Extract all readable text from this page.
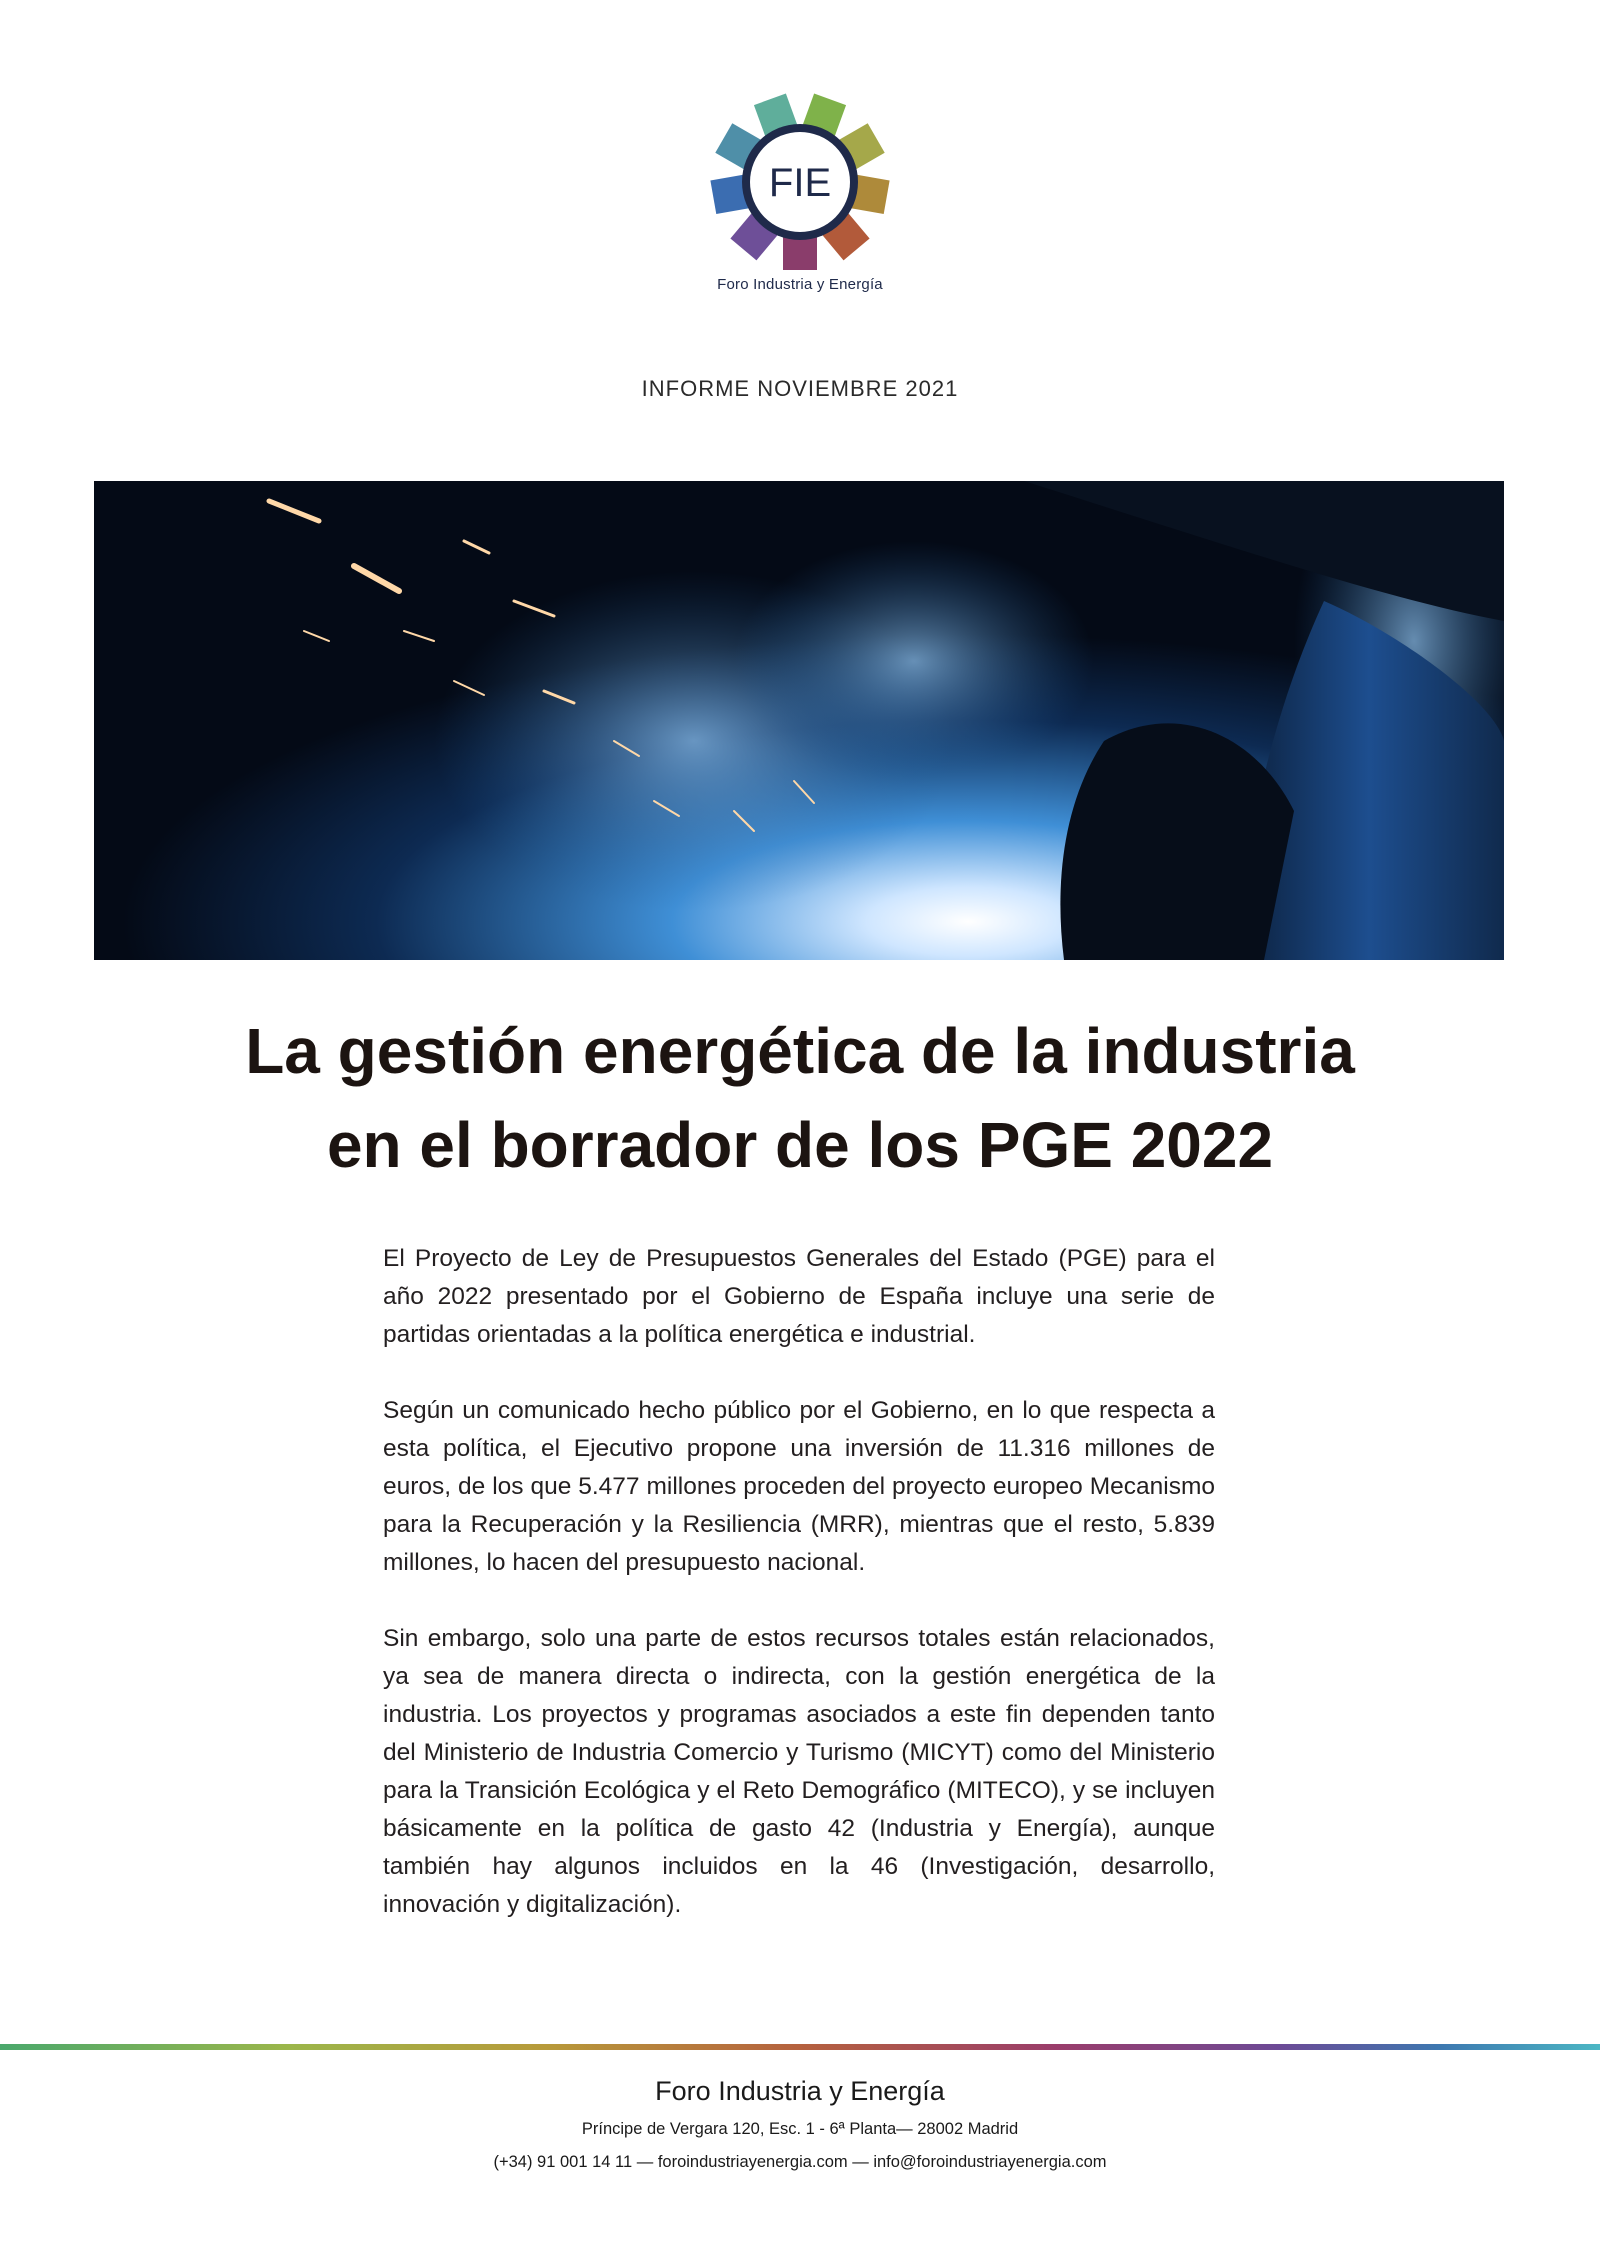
FIE
Foro Industria y Energía
INFORME NOVIEMBRE 2021
La gestión energética de la industria
en el borrador de los PGE 2022

El Proyecto de Ley de Presupuestos Generales del Estado (PGE) para el año 2022 presentado por el Gobierno de España incluye una serie de partidas orientadas a la política energética e industrial.

Según un comunicado hecho público por el Gobierno, en lo que respecta a esta política, el Ejecutivo propone una inversión de 11.316 millones de euros, de los que 5.477 millones proceden del proyecto europeo Mecanismo para la Recuperación y la Resiliencia (MRR), mientras que el resto, 5.839 millones, lo hacen del presupuesto nacional.

Sin embargo, solo una parte de estos recursos totales están relacionados, ya sea de manera directa o indirecta, con la gestión energética de la industria. Los proyectos y programas asociados a este fin dependen tanto del Ministerio de Industria Comercio y Turismo (MICYT) como del Ministerio para la Transición Ecológica y el Reto Demográfico (MITECO), y se incluyen básicamente en la política de gasto 42 (Industria y Energía), aunque también hay algunos incluidos en la 46 (Investigación, desarrollo, innovación y digitalización).

Foro Industria y Energía
Príncipe de Vergara 120, Esc. 1 - 6ª Planta— 28002 Madrid
(+34) 91 001 14 11 — foroindustriayenergia.com — info@foroindustriayenergia.com
